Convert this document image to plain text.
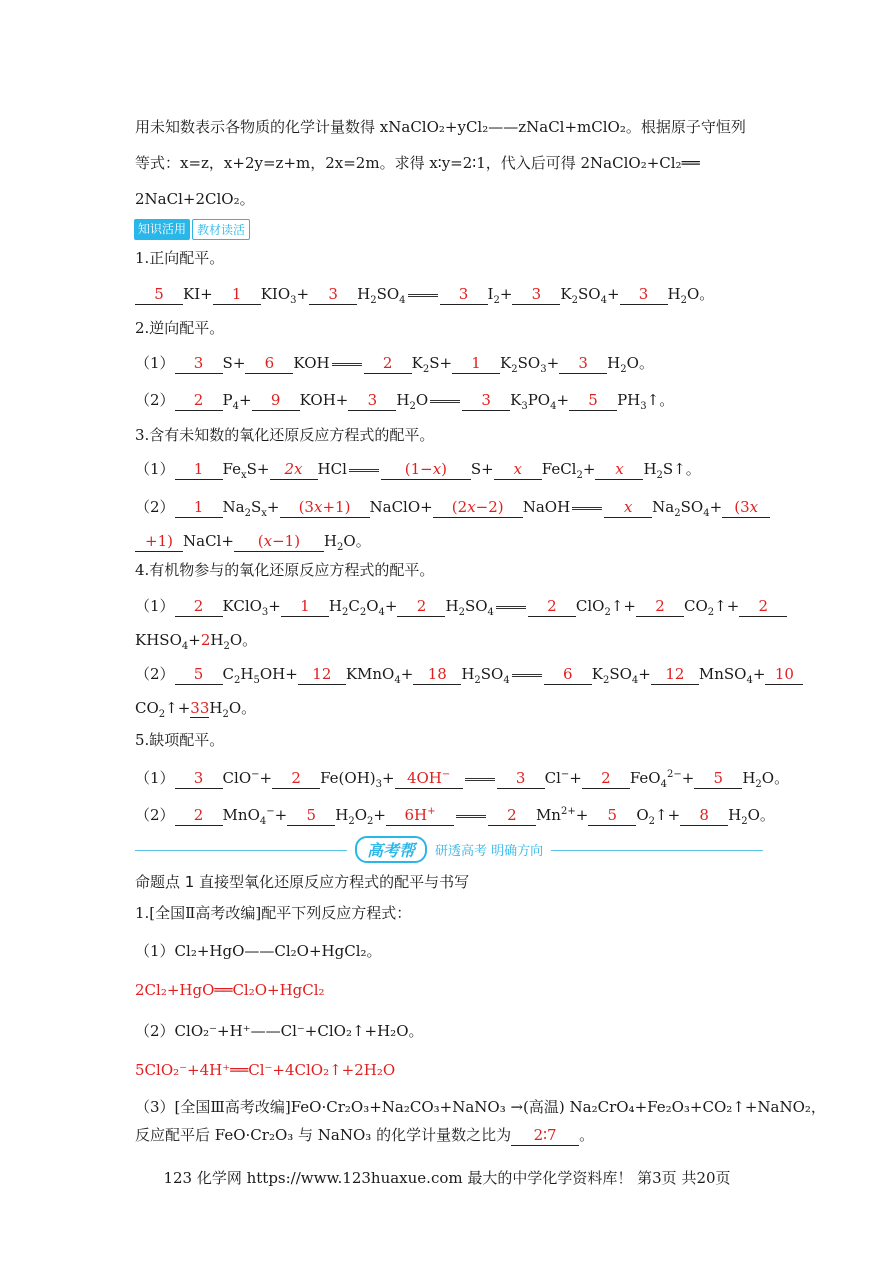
用未知数表示各物质的化学计量数得 xNaClO₂+yCl₂——zNaCl+mClO₂。根据原子守恒列
等式：x=z，x+2y=z+m，2x=2m。求得 x∶y=2∶1，代入后可得 2NaClO₂+Cl₂══
2NaCl+2ClO₂。
知识活用 教材读活
1.正向配平。
5 KI+ 1 $KIO_3+ 3$ $H_2SO_4$	3 $I_2+ 3$ $K_2SO_4+ 3$ $H_2O$。
2.逆向配平。
（1） 3 S+ 6 KOH	2 $K_2S+ 1$ $K_2SO_3+ 3$ $H_2O$。
（2） 2 $P_4+ 9$ KOH+ 3 $H_2O$	3 $K_3PO_4+ 5$ $PH_3↑$。
3.含有未知数的氧化还原反应方程式的配平。
（1） 1 $Fe_xS+ 2x$ HCl	(1−x) S+ x FeCl$_2$+ x $H_2S↑$。
（2） 1 $Na_2S_x+ (3x+1)$ NaClO+ (2x−2) NaOH	x $Na_2SO_4+ (3x$
+1) NaCl+ (x−1) $H_2O$。
4.有机物参与的氧化还原反应方程式的配平。
（1） 2 KClO$_3$+ 1 $H_2C_2O_4+ 2$ $H_2SO_4$	2 ClO$_2$↑+ 2 $CO_2↑+ 2$
$KHSO_4+2H_2O$。
（2） 5 $C_2H_5OH+ 12$ KMnO$_4$+ 18 $H_2SO_4$	6 $K_2SO_4+ 12$ MnSO$_4$+ 10
$CO_2↑+33H_2O$。
5.缺项配平。
（1） 3 ClO−+ 2 $Fe(OH)_3+ 4OH^-$	3 Cl−+ 2 FeO$_4^{2-}$+ 5 $H_2O$。
（2） 2 MnO$_4$−+ 5 $H_2O_2+ 6H^+$	2 $Mn^{2+}+ 5$ $O_2↑+ 8$ $H_2O$。
高考帮	研透高考 明确方向
命题点 1 直接型氧化还原反应方程式的配平与书写
1.[全国Ⅱ高考改编]配平下列反应方程式：
（1）Cl₂+HgO——Cl₂O+HgCl₂。
2Cl₂+HgO══Cl₂O+HgCl₂
（2）ClO₂⁻+H⁺——Cl⁻+ClO₂↑+H₂O。
5ClO₂⁻+4H⁺══Cl⁻+4ClO₂↑+2H₂O
（3）[全国Ⅲ高考改编]FeO·Cr₂O₃+Na₂CO₃+NaNO₃ →(高温) Na₂CrO₄+Fe₂O₃+CO₂↑+NaNO₂，
反应配平后 FeO·Cr₂O₃ 与 NaNO₃ 的化学计量数之比为 2∶7 。
123 化学网 https://www.123huaxue.com 最大的中学化学资料库！ 第3页 共20页
